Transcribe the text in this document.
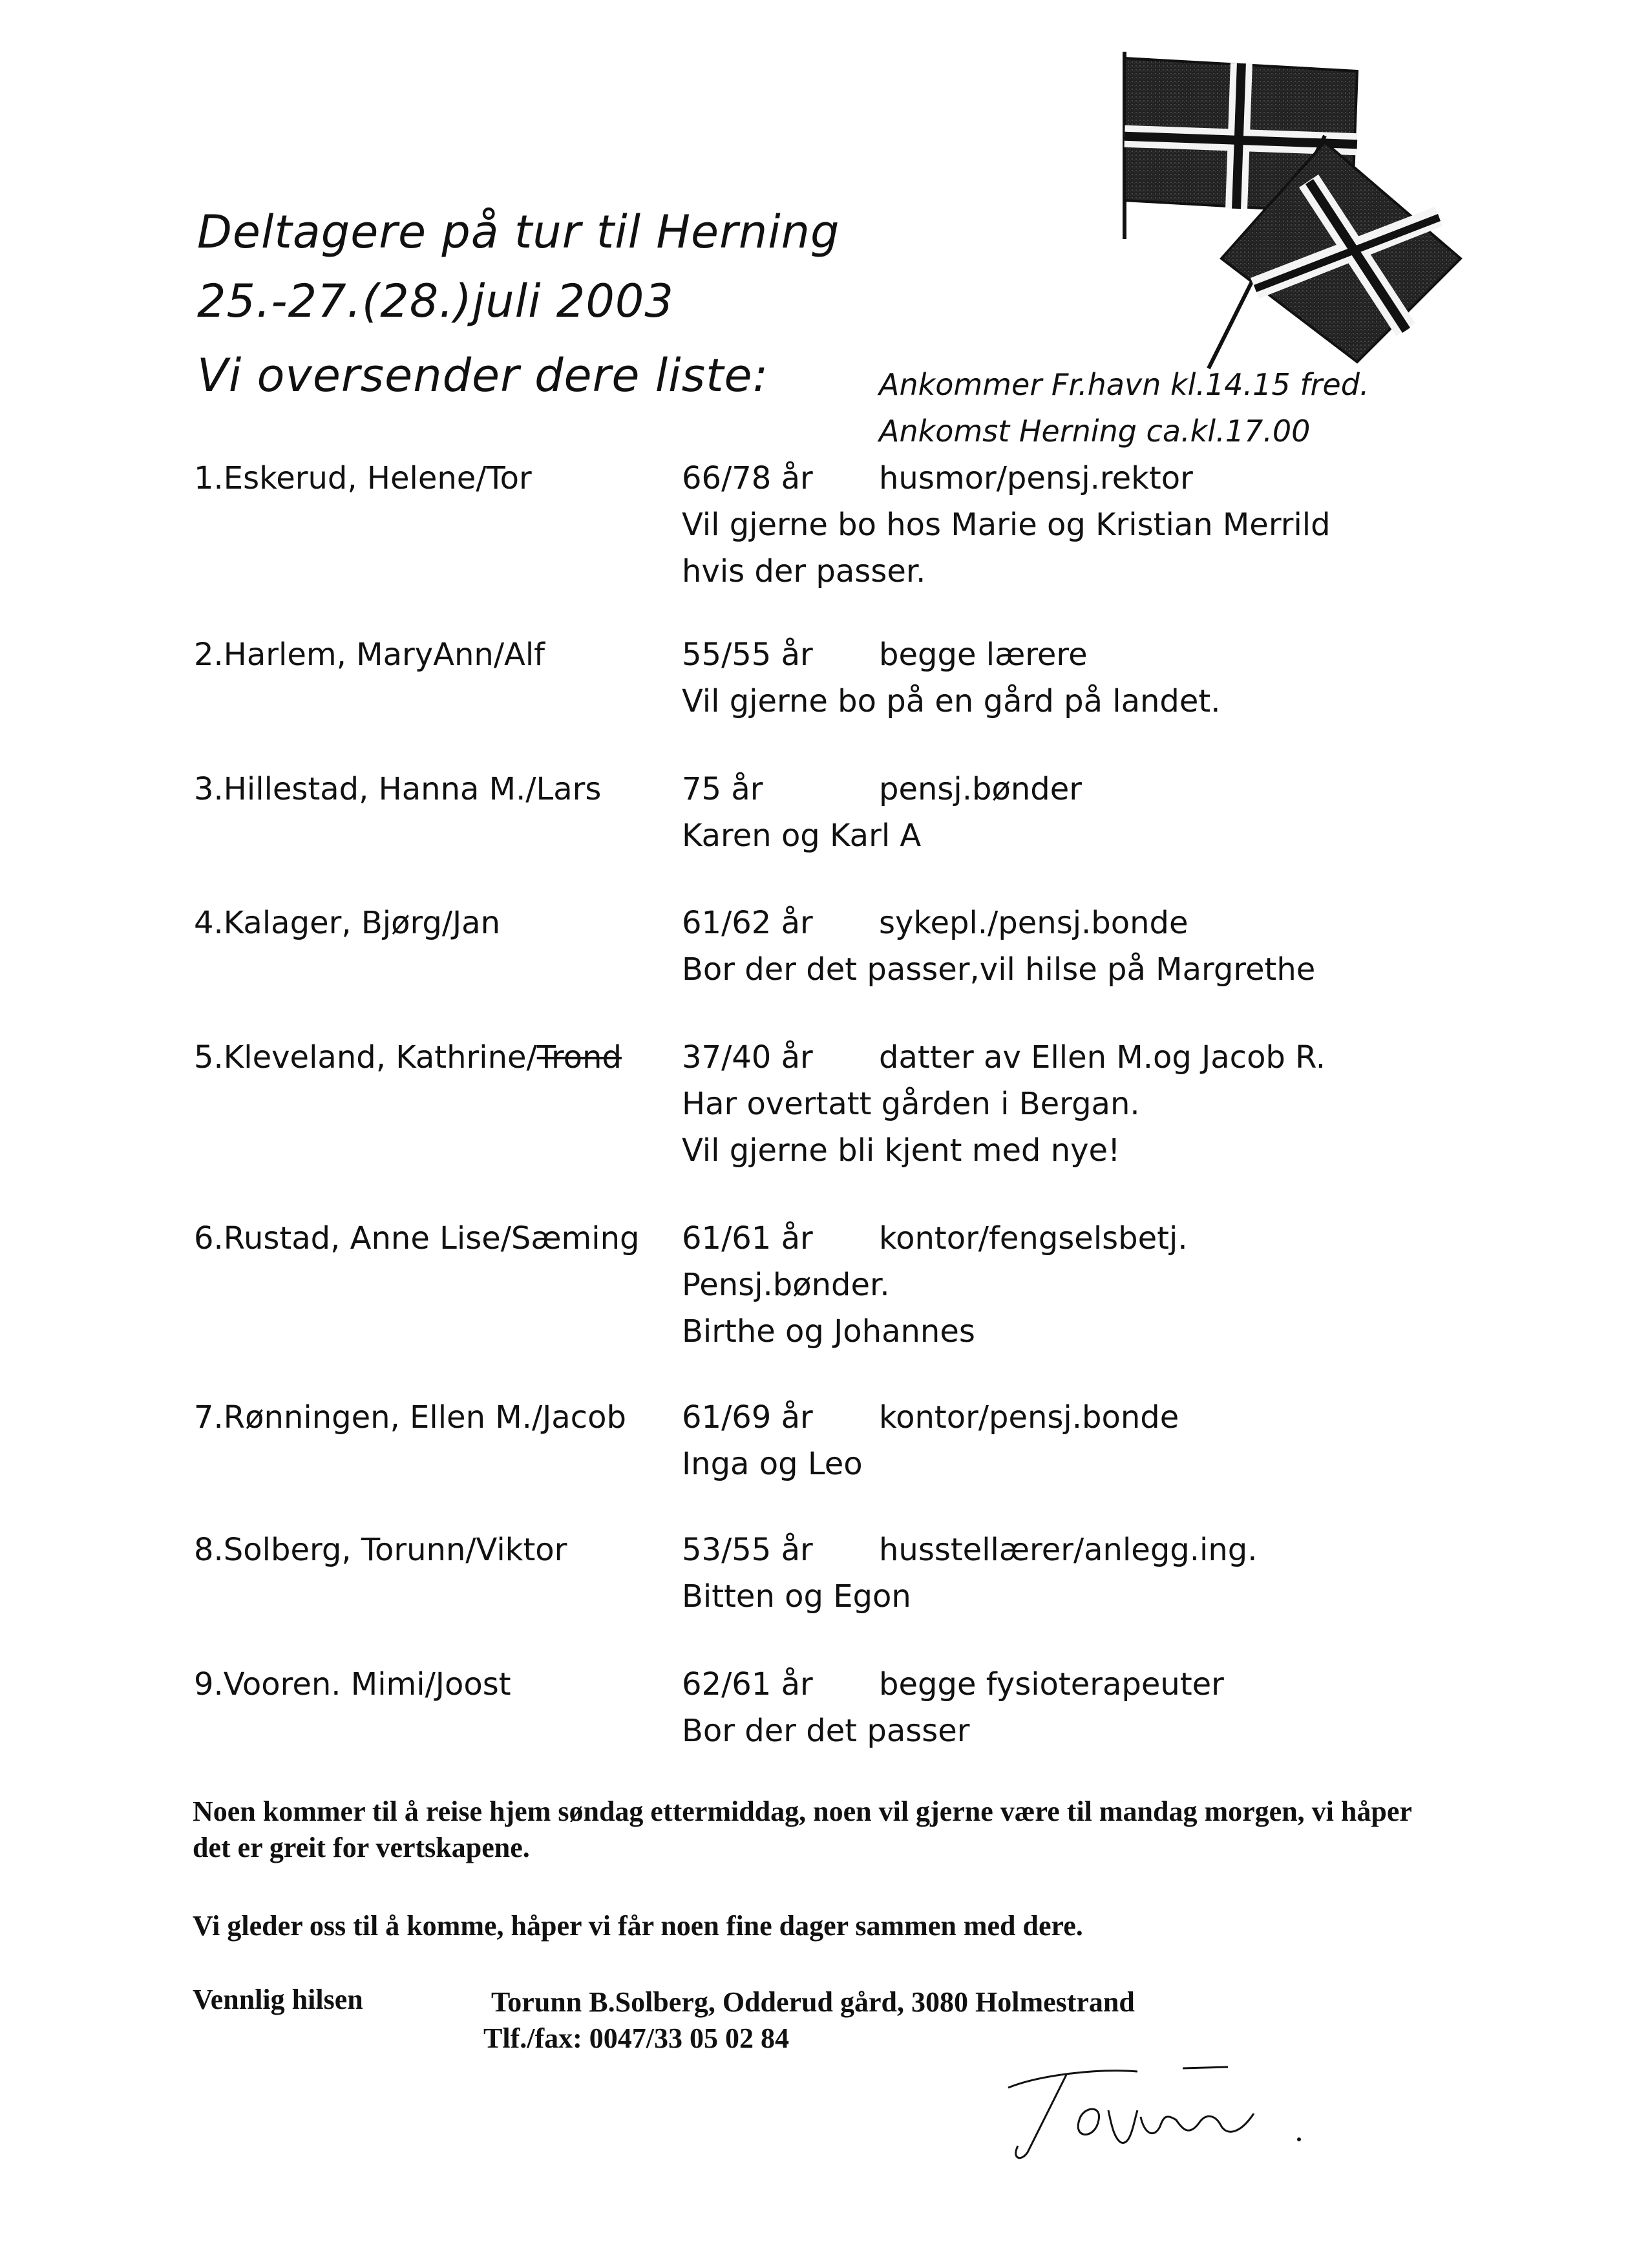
Deltagere på tur til Herning
25.-27.(28.)juli 2003
Vi oversender dere liste:	Ankommer Fr.havn kl.14.15 fred.
Ankomst Herning ca.kl.17.00
1.Eskerud, Helene/Tor	66/78 år husmor/pensj.rektor
Vil gjerne bo hos Marie og Kristian Merrild
hvis der passer.
2.Harlem, MaryAnn/Alf	55/55 år begge lærere
Vil gjerne bo på en gård på landet.
3.Hillestad, Hanna M./Lars	75 år	pensj.bønder
Karen og Karl A
4.Kalager, Bjørg/Jan	61/62 år sykepl./pensj.bonde
Bor der det passer,vil hilse på Margrethe
5.Kleveland, Kathrine/Trond 37/40 år datter av Ellen M.og Jacob R.
Har overtatt gården i Bergan.
Vil gjerne bli kjent med nye!
6.Rustad, Anne Lise/Sæming 61/61 år kontor/fengselsbetj.
Pensj.bønder.
Birthe og Johannes
7.Rønningen, Ellen M./Jacob 61/69 år kontor/pensj.bonde
Inga og Leo
8.Solberg, Torunn/Viktor	53/55 år husstellærer/anlegg.ing.
Bitten og Egon
9.Vooren. Mimi/Joost	62/61 år begge fysioterapeuter
Bor der det passer
Noen kommer til å reise hjem søndag ettermiddag, noen vil gjerne være til mandag morgen, vi håper det er greit for vertskapene.
Vi gleder oss til å komme, håper vi får noen fine dager sammen med dere.
Vennlig hilsen	Torunn B.Solberg, Odderud gård, 3080 Holmestrand
Tlf./fax: 0047/33 05 02 84
